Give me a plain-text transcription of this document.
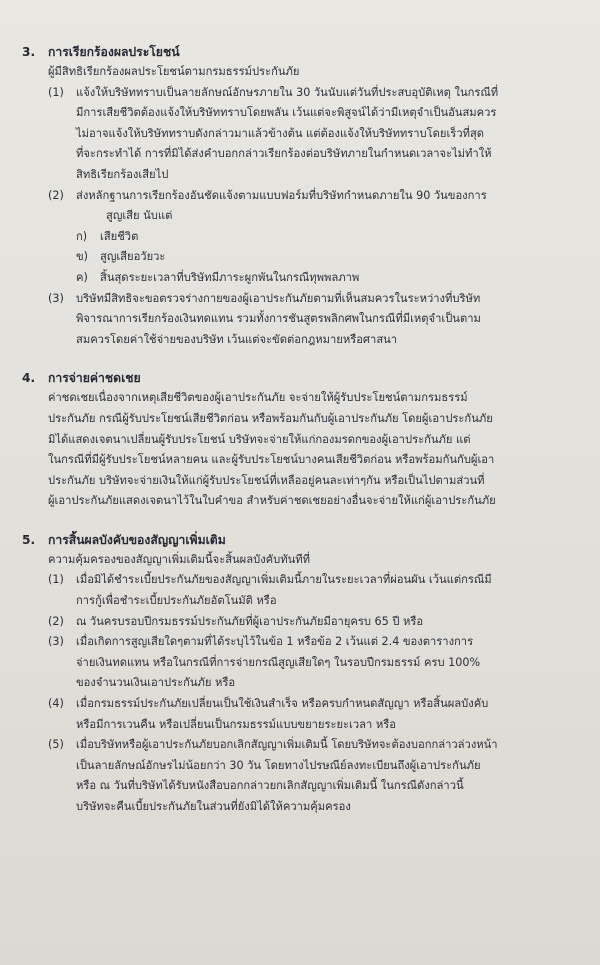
3.	การเรียกร้องผลประโยชน์
ผู้มีสิทธิเรียกร้องผลประโยชน์ตามกรมธรรม์ประกันภัย
(1)	แจ้งให้บริษัททราบเป็นลายลักษณ์อักษรภายใน 30 วันนับแต่วันที่ประสบอุบัติเหตุ ในกรณีที่
มีการเสียชีวิตต้องแจ้งให้บริษัททราบโดยพลัน เว้นแต่จะพิสูจน์ได้ว่ามีเหตุจำเป็นอันสมควร
ไม่อาจแจ้งให้บริษัททราบดังกล่าวมาแล้วข้างต้น แต่ต้องแจ้งให้บริษัททราบโดยเร็วที่สุด
ที่จะกระทำได้ การที่มิได้ส่งคำบอกกล่าวเรียกร้องต่อบริษัทภายในกำหนดเวลาจะไม่ทำให้
สิทธิเรียกร้องเสียไป
(2)	ส่งหลักฐานการเรียกร้องอันชัดแจ้งตามแบบฟอร์มที่บริษัทกำหนดภายใน 90 วันของการ
สูญเสีย นับแต่
ก)	เสียชีวิต
ข)	สูญเสียอวัยวะ
ค)	สิ้นสุดระยะเวลาที่บริษัทมีภาระผูกพันในกรณีทุพพลภาพ
(3)	บริษัทมีสิทธิจะขอตรวจร่างกายของผู้เอาประกันภัยตามที่เห็นสมควรในระหว่างที่บริษัท
พิจารณาการเรียกร้องเงินทดแทน รวมทั้งการชันสูตรพลิกศพในกรณีที่มีเหตุจำเป็นตาม
สมควรโดยค่าใช้จ่ายของบริษัท เว้นแต่จะขัดต่อกฎหมายหรือศาสนา
4.	การจ่ายค่าชดเชย
ค่าชดเชยเนื่องจากเหตุเสียชีวิตของผู้เอาประกันภัย จะจ่ายให้ผู้รับประโยชน์ตามกรมธรรม์
ประกันภัย กรณีผู้รับประโยชน์เสียชีวิตก่อน หรือพร้อมกันกับผู้เอาประกันภัย โดยผู้เอาประกันภัย
มิได้แสดงเจตนาเปลี่ยนผู้รับประโยชน์ บริษัทจะจ่ายให้แก่กองมรดกของผู้เอาประกันภัย แต่
ในกรณีที่มีผู้รับประโยชน์หลายคน และผู้รับประโยชน์บางคนเสียชีวิตก่อน หรือพร้อมกันกับผู้เอา
ประกันภัย บริษัทจะจ่ายเงินให้แก่ผู้รับประโยชน์ที่เหลืออยู่คนละเท่าๆกัน หรือเป็นไปตามส่วนที่
ผู้เอาประกันภัยแสดงเจตนาไว้ในใบคำขอ สำหรับค่าชดเชยอย่างอื่นจะจ่ายให้แก่ผู้เอาประกันภัย
5.	การสิ้นผลบังคับของสัญญาเพิ่มเติม
ความคุ้มครองของสัญญาเพิ่มเติมนี้จะสิ้นผลบังคับทันทีที่
(1)	เมื่อมิได้ชำระเบี้ยประกันภัยของสัญญาเพิ่มเติมนี้ภายในระยะเวลาที่ผ่อนผัน เว้นแต่กรณีมี
การกู้เพื่อชำระเบี้ยประกันภัยอัตโนมัติ หรือ
(2)	ณ วันครบรอบปีกรมธรรม์ประกันภัยที่ผู้เอาประกันภัยมีอายุครบ 65 ปี หรือ
(3)	เมื่อเกิดการสูญเสียใดๆตามที่ได้ระบุไว้ในข้อ 1 หรือข้อ 2 เว้นแต่ 2.4 ของตารางการ
จ่ายเงินทดแทน หรือในกรณีที่การจ่ายกรณีสูญเสียใดๆ ในรอบปีกรมธรรม์ ครบ 100%
ของจำนวนเงินเอาประกันภัย หรือ
(4)	เมื่อกรมธรรม์ประกันภัยเปลี่ยนเป็นใช้เงินสำเร็จ หรือครบกำหนดสัญญา หรือสิ้นผลบังคับ
หรือมีการเวนคืน หรือเปลี่ยนเป็นกรมธรรม์แบบขยายระยะเวลา หรือ
(5)	เมื่อบริษัทหรือผู้เอาประกันภัยบอกเลิกสัญญาเพิ่มเติมนี้ โดยบริษัทจะต้องบอกกล่าวล่วงหน้า
เป็นลายลักษณ์อักษรไม่น้อยกว่า 30 วัน โดยทางไปรษณีย์ลงทะเบียนถึงผู้เอาประกันภัย
หรือ ณ วันที่บริษัทได้รับหนังสือบอกกล่าวยกเลิกสัญญาเพิ่มเติมนี้ ในกรณีดังกล่าวนี้
บริษัทจะคืนเบี้ยประกันภัยในส่วนที่ยังมิได้ให้ความคุ้มครอง
